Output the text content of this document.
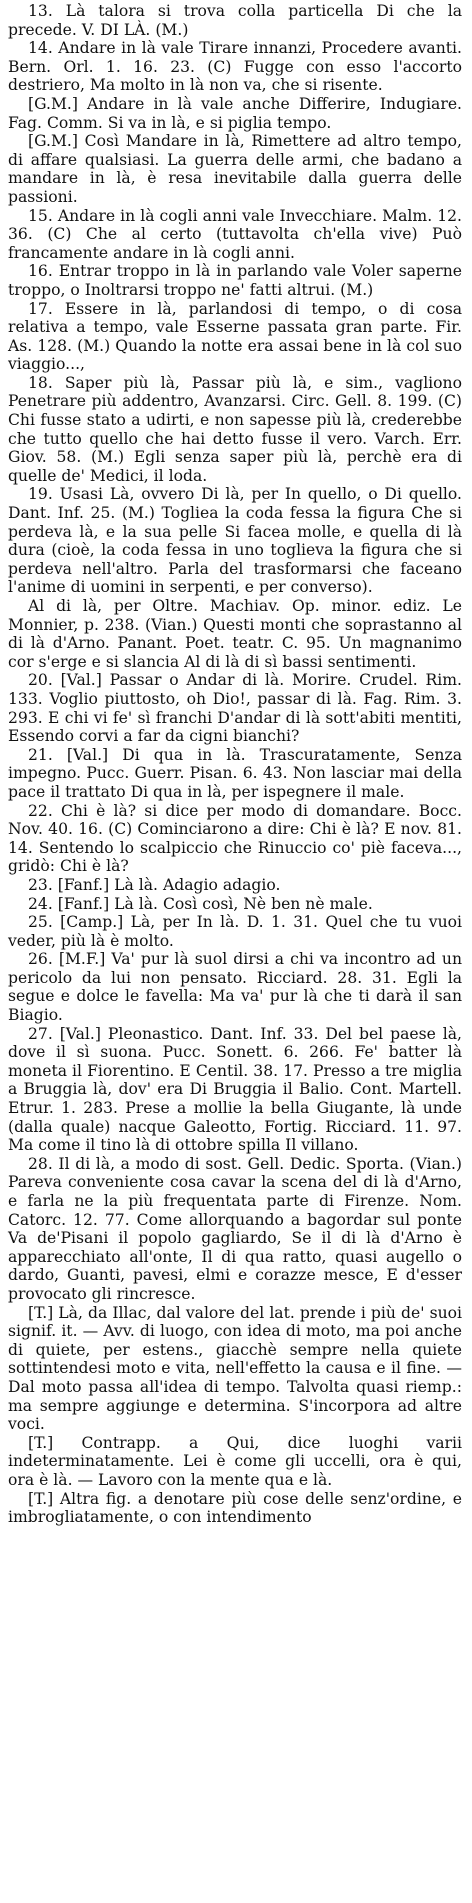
13. Là talora si trova colla particella Di che la precede. V. DI LÀ. (M.)

14. Andare in là vale Tirare innanzi, Procedere avanti. Bern. Orl. 1. 16. 23. (C) Fugge con esso l'accorto destriero, Ma molto in là non va, che si risente.

[G.M.] Andare in là vale anche Differire, Indugiare. Fag. Comm. Si va in là, e si piglia tempo.

[G.M.] Così Mandare in là, Rimettere ad altro tempo, di affare qualsiasi. La guerra delle armi, che badano a mandare in là, è resa inevitabile dalla guerra delle passioni.

15. Andare in là cogli anni vale Invecchiare. Malm. 12. 36. (C) Che al certo (tuttavolta ch'ella vive) Può francamente andare in là cogli anni.

16. Entrar troppo in là in parlando vale Voler saperne troppo, o Inoltrarsi troppo ne' fatti altrui. (M.)

17. Essere in là, parlandosi di tempo, o di cosa relativa a tempo, vale Esserne passata gran parte. Fir. As. 128. (M.) Quando la notte era assai bene in là col suo viaggio...,

18. Saper più là, Passar più là, e sim., vagliono Penetrare più addentro, Avanzarsi. Circ. Gell. 8. 199. (C) Chi fusse stato a udirti, e non sapesse più là, crederebbe che tutto quello che hai detto fusse il vero. Varch. Err. Giov. 58. (M.) Egli senza saper più là, perchè era di quelle de' Medici, il loda.

19. Usasi Là, ovvero Di là, per In quello, o Di quello. Dant. Inf. 25. (M.) Togliea la coda fessa la figura Che si perdeva là, e la sua pelle Si facea molle, e quella di là dura (cioè, la coda fessa in uno toglieva la figura che si perdeva nell'altro. Parla del trasformarsi che faceano l'anime di uomini in serpenti, e per converso).

Al di là, per Oltre. Machiav. Op. minor. ediz. Le Monnier, p. 238. (Vian.) Questi monti che soprastanno al di là d'Arno. Panant. Poet. teatr. C. 95. Un magnanimo cor s'erge e si slancia Al di là di sì bassi sentimenti.

20. [Val.] Passar o Andar di là. Morire. Crudel. Rim. 133. Voglio piuttosto, oh Dio!, passar di là. Fag. Rim. 3. 293. E chi vi fe' sì franchi D'andar di là sott'abiti mentiti, Essendo corvi a far da cigni bianchi?

21. [Val.] Di qua in là. Trascuratamente, Senza impegno. Pucc. Guerr. Pisan. 6. 43. Non lasciar mai della pace il trattato Di qua in là, per ispegnere il male.

22. Chi è là? si dice per modo di domandare. Bocc. Nov. 40. 16. (C) Cominciarono a dire: Chi è là? E nov. 81. 14. Sentendo lo scalpiccio che Rinuccio co' piè faceva..., gridò: Chi è là?

23. [Fanf.] Là là. Adagio adagio.

24. [Fanf.] Là là. Così così, Nè ben nè male.

25. [Camp.] Là, per In là. D. 1. 31. Quel che tu vuoi veder, più là è molto.

26. [M.F.] Va' pur là suol dirsi a chi va incontro ad un pericolo da lui non pensato. Ricciard. 28. 31. Egli la segue e dolce le favella: Ma va' pur là che ti darà il san Biagio.

27. [Val.] Pleonastico. Dant. Inf. 33. Del bel paese là, dove il sì suona. Pucc. Sonett. 6. 266. Fe' batter là moneta il Fiorentino. E Centil. 38. 17. Presso a tre miglia a Bruggia là, dov' era Di Bruggia il Balio. Cont. Martell. Etrur. 1. 283. Prese a mollie la bella Giugante, là unde (dalla quale) nacque Galeotto, Fortig. Ricciard. 11. 97. Ma come il tino là di ottobre spilla Il villano.

28. Il di là, a modo di sost. Gell. Dedic. Sporta. (Vian.) Pareva conveniente cosa cavar la scena del di là d'Arno, e farla ne la più frequentata parte di Firenze. Nom. Catorc. 12. 77. Come allorquando a bagordar sul ponte Va de'Pisani il popolo gagliardo, Se il di là d'Arno è apparecchiato all'onte, Il di qua ratto, quasi augello o dardo, Guanti, pavesi, elmi e corazze mesce, E d'esser provocato gli rincresce.

[T.] Là, da Illac, dal valore del lat. prende i più de' suoi signif. it. — Avv. di luogo, con idea di moto, ma poi anche di quiete, per estens., giacchè sempre nella quiete sottintendesi moto e vita, nell'effetto la causa e il fine. — Dal moto passa all'idea di tempo. Talvolta quasi riemp.: ma sempre aggiunge e determina. S'incorpora ad altre voci.

[T.] Contrapp. a Qui, dice luoghi varii indeterminatamente. Lei è come gli uccelli, ora è qui, ora è là. — Lavoro con la mente qua e là.

[T.] Altra fig. a denotare più cose delle senz'ordine, e imbrogliatamente, o con intendimento
